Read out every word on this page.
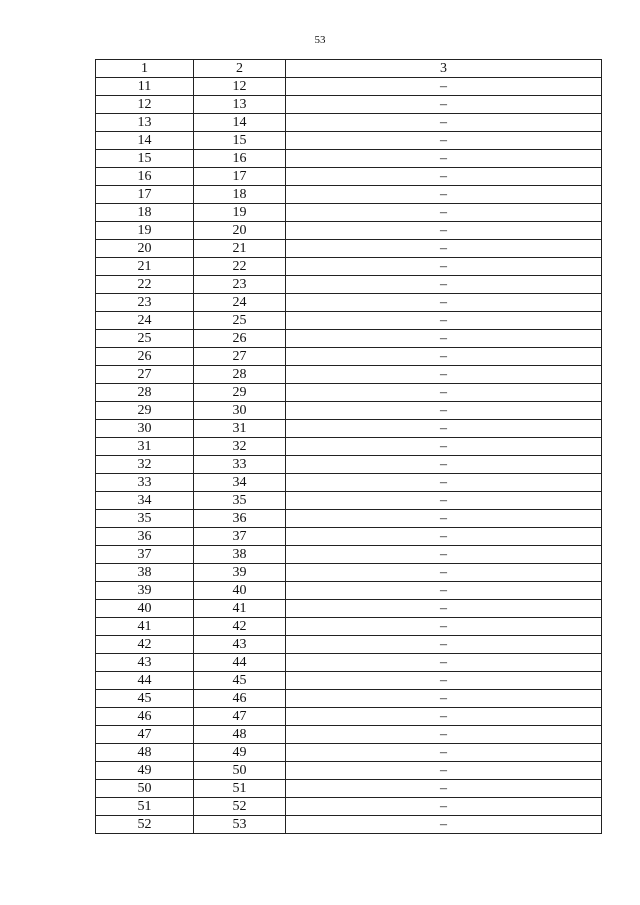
53
1	2	3
11	12	–
12	13	–
13	14	–
14	15	–
15	16	–
16	17	–
17	18	–
18	19	–
19	20	–
20	21	–
21	22	–
22	23	–
23	24	–
24	25	–
25	26	–
26	27	–
27	28	–
28	29	–
29	30	–
30	31	–
31	32	–
32	33	–
33	34	–
34	35	–
35	36	–
36	37	–
37	38	–
38	39	–
39	40	–
40	41	–
41	42	–
42	43	–
43	44	–
44	45	–
45	46	–
46	47	–
47	48	–
48	49	–
49	50	–
50	51	–
51	52	–
52	53	–
